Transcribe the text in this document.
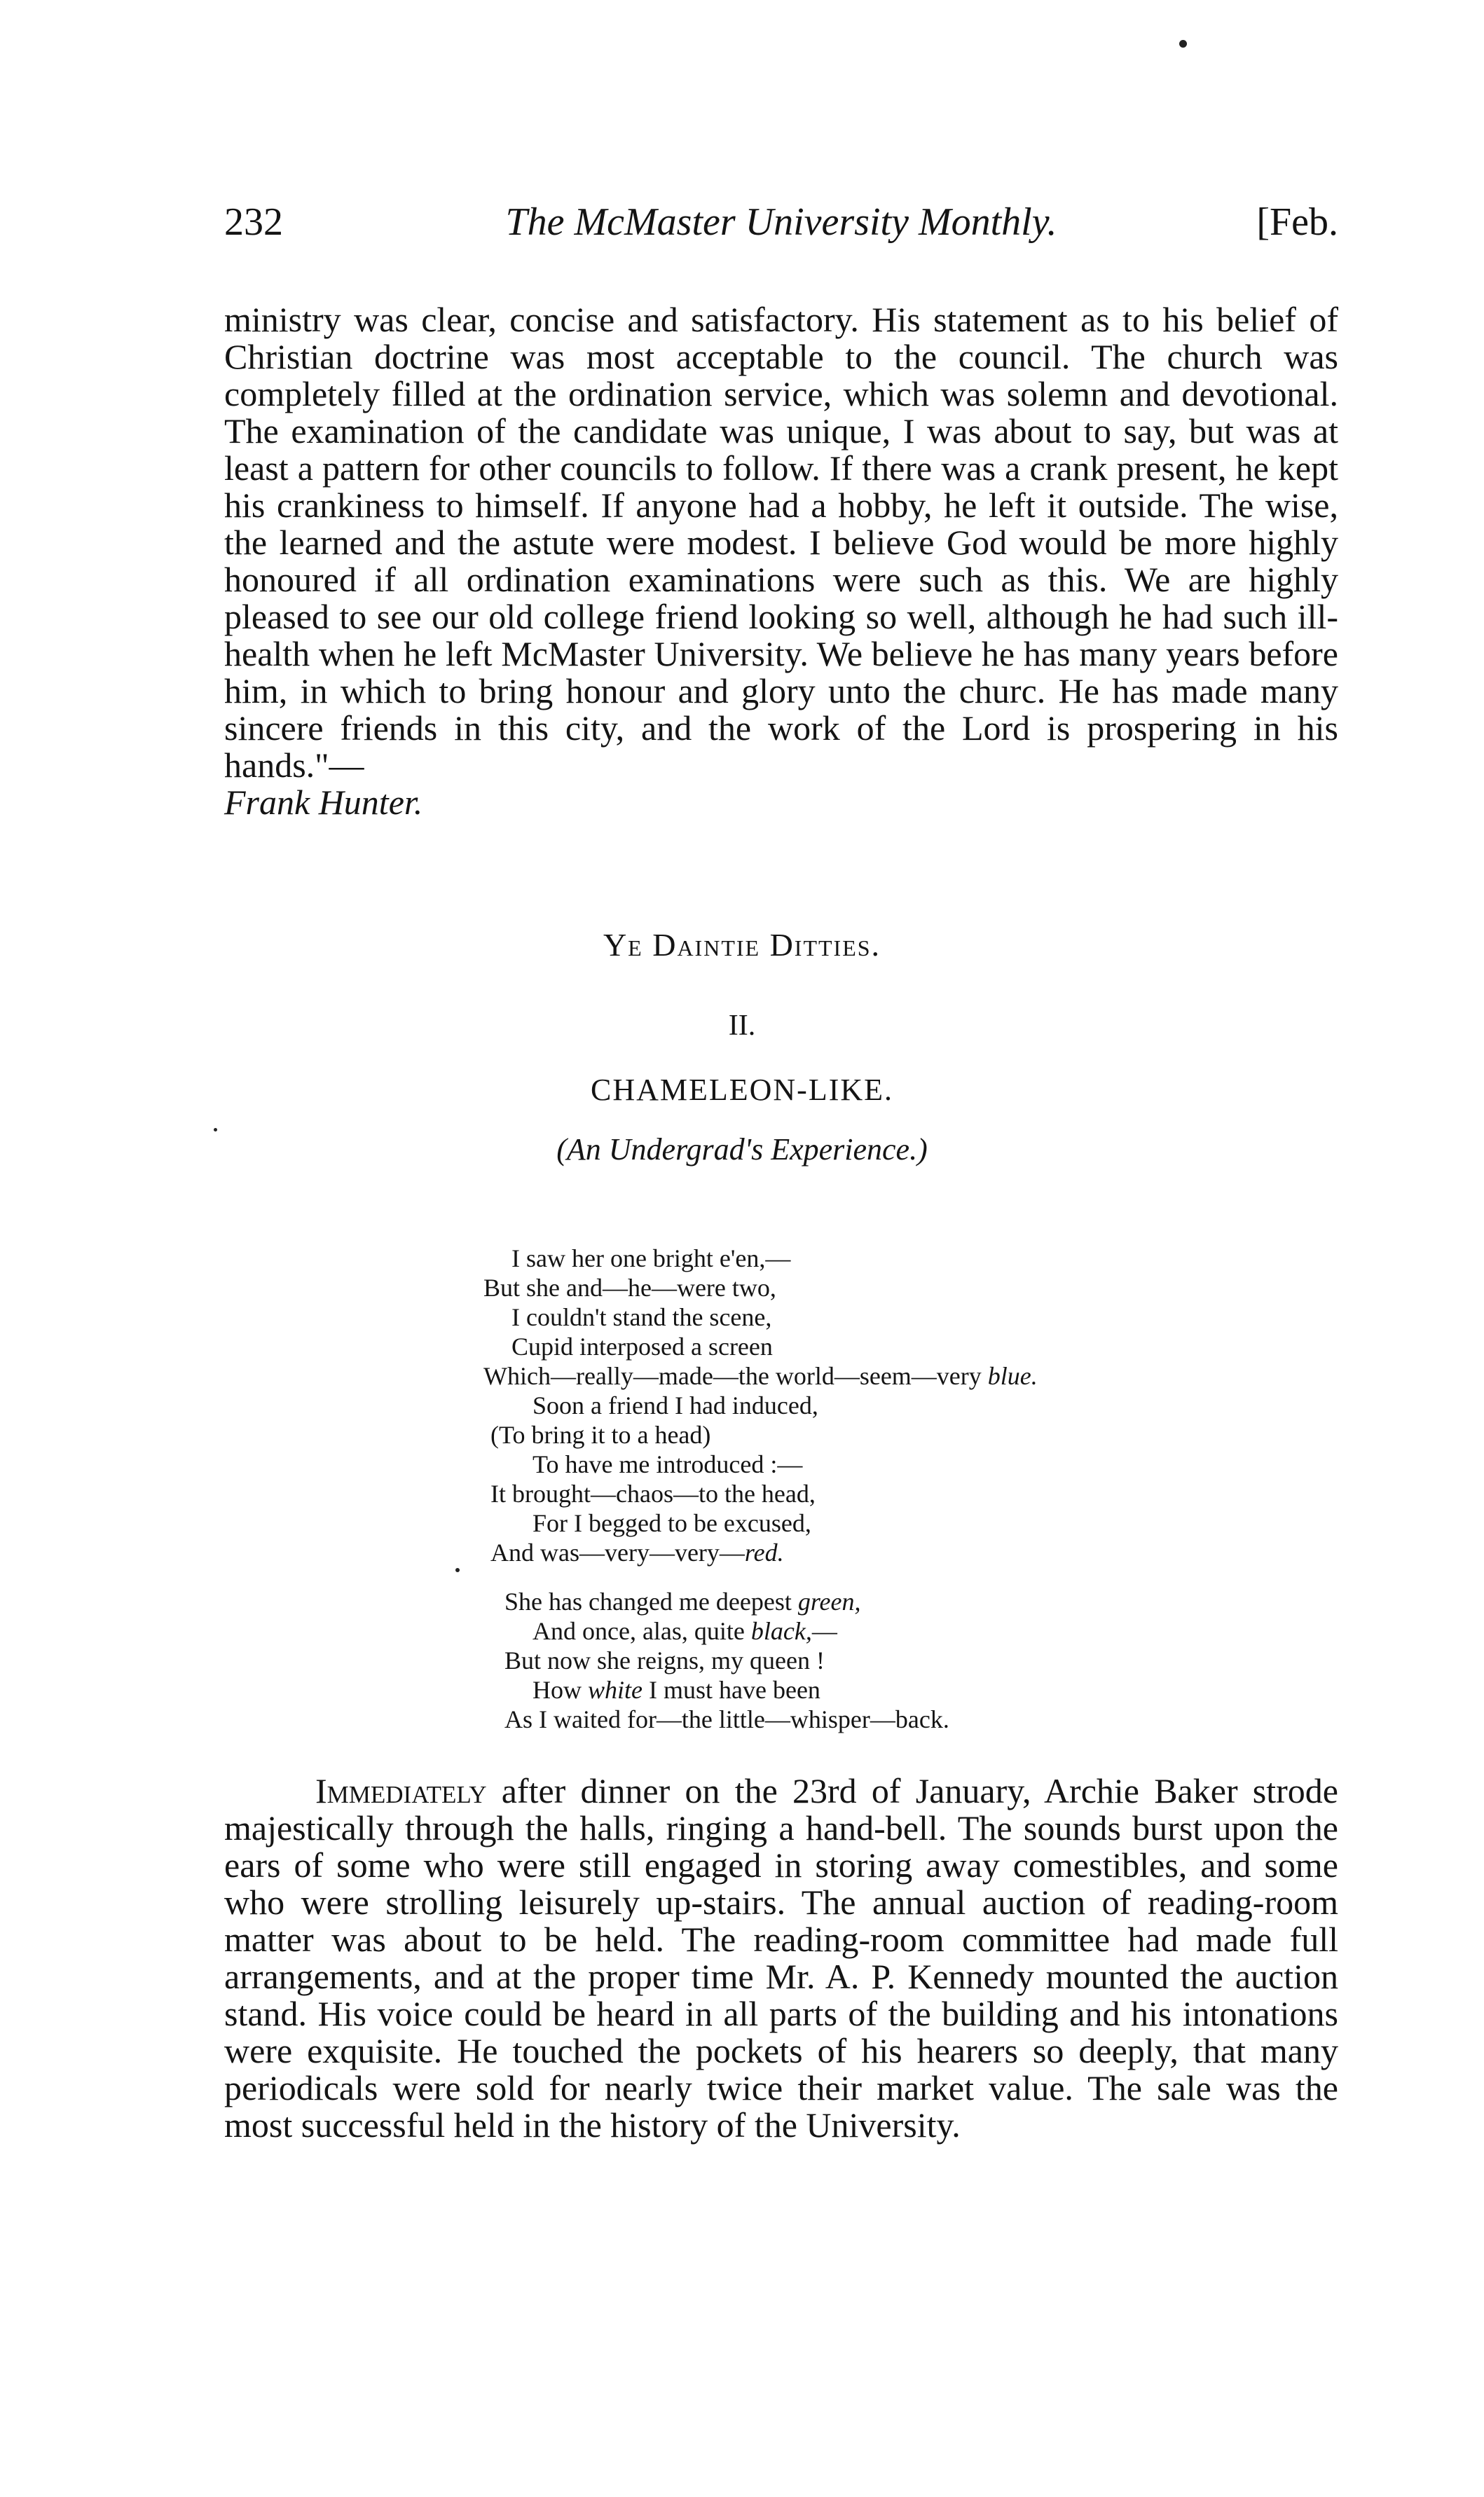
232	The McMaster University Monthly.	[Feb.

ministry was clear, concise and satisfactory. His statement as to his belief of Christian doctrine was most acceptable to the council. The church was completely filled at the ordination service, which was solemn and devotional. The examination of the candidate was unique, I was about to say, but was at least a pattern for other councils to follow. If there was a crank present, he kept his crankiness to himself. If anyone had a hobby, he left it outside. The wise, the learned and the astute were modest. I believe God would be more highly honoured if all ordination examinations were such as this. We are highly pleased to see our old college friend looking so well, although he had such ill-health when he left McMaster University. We believe he has many years before him, in which to bring honour and glory unto the churc. He has made many sincere friends in this city, and the work of the Lord is prospering in his hands."—
Frank Hunter.

Ye Daintie Ditties.
II.
CHAMELEON-LIKE.
(An Undergrad's Experience.)
I saw her one bright e'en,—
But she and—he—were two,
I couldn't stand the scene,
Cupid interposed a screen
Which—really—made—the world—seem—very blue.
Soon a friend I had induced,
(To bring it to a head)
To have me introduced :—
It brought—chaos—to the head,
For I begged to be excused,
And was—very—very—red.
She has changed me deepest green,
And once, alas, quite black,—
But now she reigns, my queen !
How white I must have been
As I waited for—the little—whisper—back.

Immediately after dinner on the 23rd of January, Archie Baker strode majestically through the halls, ringing a hand-bell. The sounds burst upon the ears of some who were still engaged in storing away comestibles, and some who were strolling leisurely up-stairs. The annual auction of reading-room matter was about to be held. The reading-room committee had made full arrangements, and at the proper time Mr. A. P. Kennedy mounted the auction stand. His voice could be heard in all parts of the building and his intonations were exquisite. He touched the pockets of his hearers so deeply, that many periodicals were sold for nearly twice their market value. The sale was the most successful held in the history of the University.
